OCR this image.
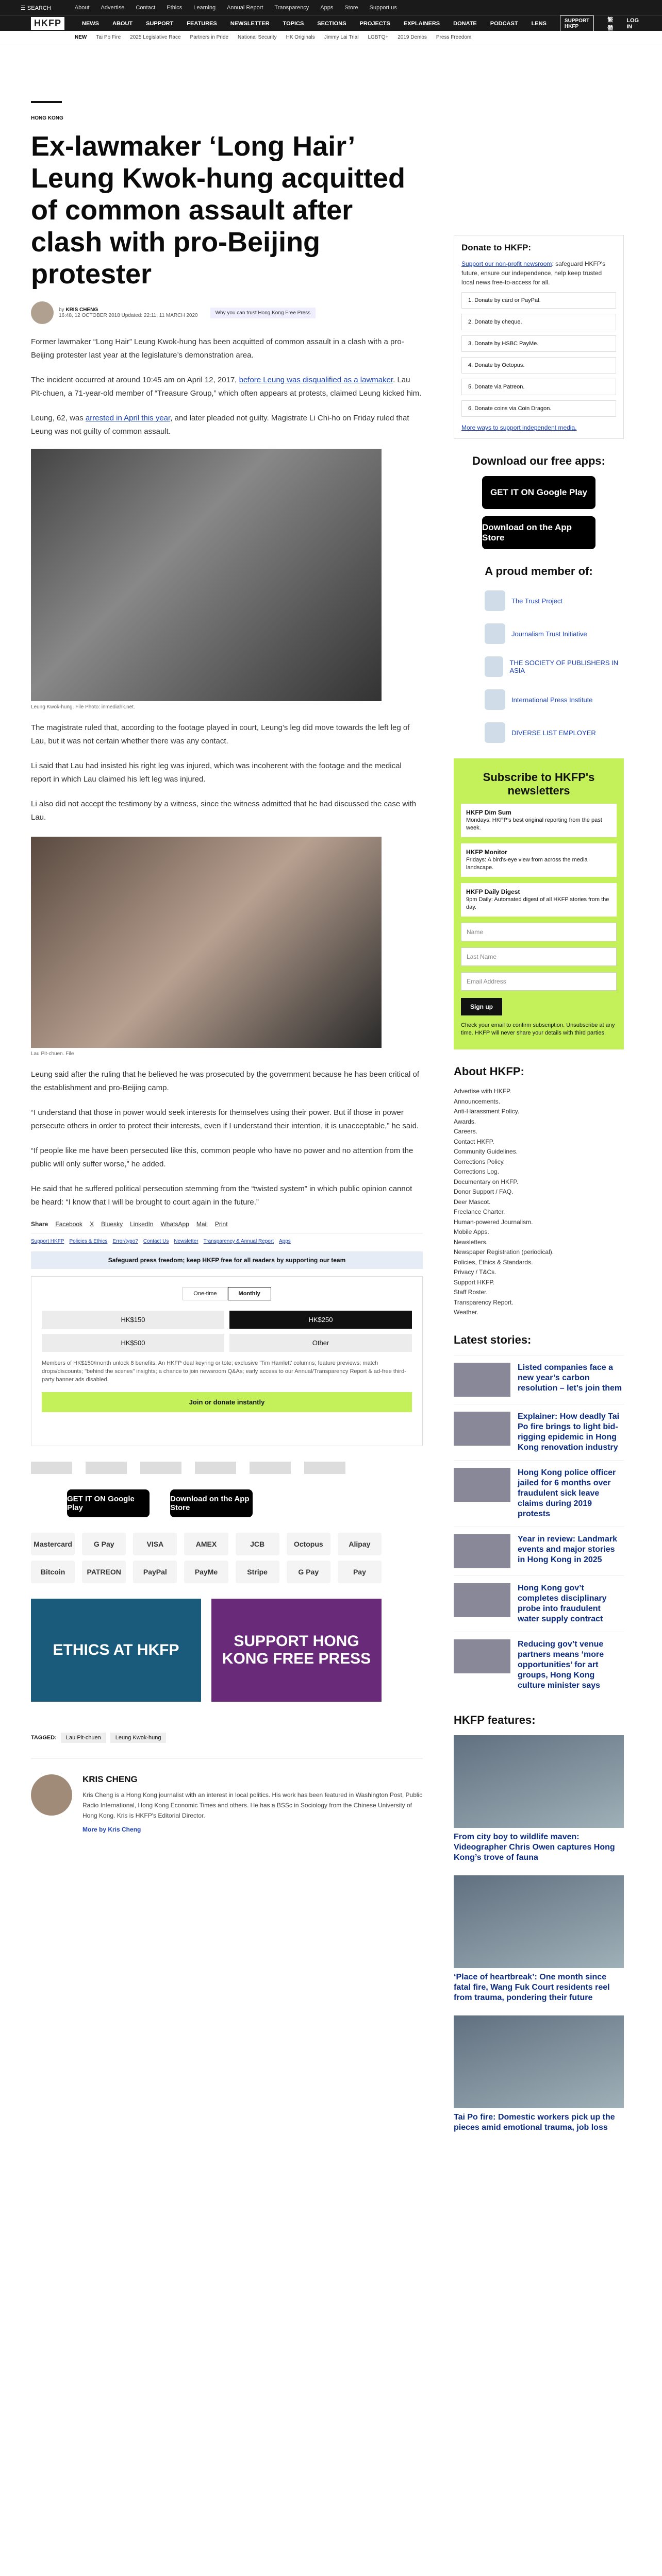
☰ SEARCH	About Advertise Contact Ethics Learning Annual Report Transparency Apps Store Support us
HKFP	NEWS ABOUT SUPPORT FEATURES NEWSLETTER TOPICS SECTIONS PROJECTS EXPLAINERS DONATE PODCAST LENS	SUPPORT HKFP
繁體
LOG IN
NEW Tai Po Fire 2025 Legislative Race Partners in Pride National Security HK Originals Jimmy Lai Trial LGBTQ+ 2019 Demos Press Freedom
HONG KONG
Ex-lawmaker ‘Long Hair’ Leung Kwok-hung acquitted of common assault after clash with pro-Beijing protester
by KRIS CHENG
16:48, 12 OCTOBER 2018 Updated: 22:11, 11 MARCH 2020	Why you can trust Hong Kong Free Press

Former lawmaker “Long Hair” Leung Kwok-hung has been acquitted of common assault in a clash with a pro-Beijing protester last year at the legislature’s demonstration area.

The incident occurred at around 10:45 am on April 12, 2017, before Leung was disqualified as a lawmaker. Lau Pit-chuen, a 71-year-old member of “Treasure Group,” which often appears at protests, claimed Leung kicked him.

Leung, 62, was arrested in April this year, and later pleaded not guilty. Magistrate Li Chi-ho on Friday ruled that Leung was not guilty of common assault.

Leung Kwok-hung. File Photo: inmediahk.net.

The magistrate ruled that, according to the footage played in court, Leung’s leg did move towards the left leg of Lau, but it was not certain whether there was any contact.

Li said that Lau had insisted his right leg was injured, which was incoherent with the footage and the medical report in which Lau claimed his left leg was injured.

Li also did not accept the testimony by a witness, since the witness admitted that he had discussed the case with Lau.

Lau Pit-chuen. File

Leung said after the ruling that he believed he was prosecuted by the government because he has been critical of the establishment and pro-Beijing camp.

“I understand that those in power would seek interests for themselves using their power. But if those in power persecute others in order to protect their interests, even if I understand their intention, it is unacceptable,” he said.

“If people like me have been persecuted like this, common people who have no power and no attention from the public will only suffer worse,” he added.

He said that he suffered political persecution stemming from the “twisted system” in which public opinion cannot be heard: “I know that I will be brought to court again in the future.”

Share Facebook X Bluesky LinkedIn WhatsApp Mail Print
Support HKFP Policies & Ethics Error/typo? Contact Us Newsletter Transparency & Annual Report Apps
Safeguard press freedom; keep HKFP free for all readers by supporting our team
One-time	Monthly
HK$150	HK$250
HK$500	Other
Members of HK$150/month unlock 8 benefits: An HKFP deal keyring or tote; exclusive 'Tim Hamlett' columns; feature previews; match drops/discounts; "behind the scenes" insights; a chance to join newsroom Q&As; early access to our Annual/Transparency Report & ad-free third-party banner ads disabled.
Join or donate instantly
GET IT ON Google Play
Download on the App Store
Mastercard	G Pay	VISA	AMEX	JCB	Octopus	Alipay
Bitcoin	PATREON	PayPal	PayMe	Stripe	G Pay	Pay
ETHICS AT HKFP
SUPPORT HONG KONG FREE PRESS
TAGGED:	Lau Pit-chuen	Leung Kwok-hung
KRIS CHENG

Kris Cheng is a Hong Kong journalist with an interest in local politics. His work has been featured in Washington Post, Public Radio International, Hong Kong Economic Times and others. He has a BSSc in Sociology from the Chinese University of Hong Kong. Kris is HKFP's Editorial Director.

More by Kris Cheng
Donate to HKFP:

Support our non-profit newsroom: safeguard HKFP's future, ensure our independence, help keep trusted local news free-to-access for all.

1. Donate by card or PayPal.
2. Donate by cheque.
3. Donate by HSBC PayMe.
4. Donate by Octopus.
5. Donate via Patreon.
6. Donate coins via Coin Dragon.
More ways to support independent media.
Download our free apps:
GET IT ON Google Play
Download on the App Store
A proud member of:
The Trust Project
Journalism Trust Initiative
THE SOCIETY OF PUBLISHERS IN ASIA
International Press Institute
DIVERSE LIST EMPLOYER
Subscribe to HKFP's newsletters
HKFP Dim Sum
Mondays: HKFP's best original reporting from the past week.
HKFP Monitor
Fridays: A bird's-eye view from across the media landscape.
HKFP Daily Digest
9pm Daily: Automated digest of all HKFP stories from the day.
Name
Last Name
Email Address
Sign up
Check your email to confirm subscription. Unsubscribe at any time. HKFP will never share your details with third parties.
About HKFP:
Advertise with HKFP.
Announcements.
Anti-Harassment Policy.
Awards.
Careers.
Contact HKFP.
Community Guidelines.
Corrections Policy.
Corrections Log.
Documentary on HKFP.
Donor Support / FAQ.
Deer Mascot.
Freelance Charter.
Human-powered Journalism.
Mobile Apps.
Newsletters.
Newspaper Registration (periodical).
Policies, Ethics & Standards.
Privacy / T&Cs.
Support HKFP.
Staff Roster.
Transparency Report.
Weather.
Latest stories:
Listed companies face a new year’s carbon resolution – let’s join them
Explainer: How deadly Tai Po fire brings to light bid-rigging epidemic in Hong Kong renovation industry
Hong Kong police officer jailed for 6 months over fraudulent sick leave claims during 2019 protests
Year in review: Landmark events and major stories in Hong Kong in 2025
Hong Kong gov’t completes disciplinary probe into fraudulent water supply contract
Reducing gov’t venue partners means ‘more opportunities’ for art groups, Hong Kong culture minister says
HKFP features:
From city boy to wildlife maven: Videographer Chris Owen captures Hong Kong’s trove of fauna
‘Place of heartbreak’: One month since fatal fire, Wang Fuk Court residents reel from trauma, pondering their future
Tai Po fire: Domestic workers pick up the pieces amid emotional trauma, job loss
